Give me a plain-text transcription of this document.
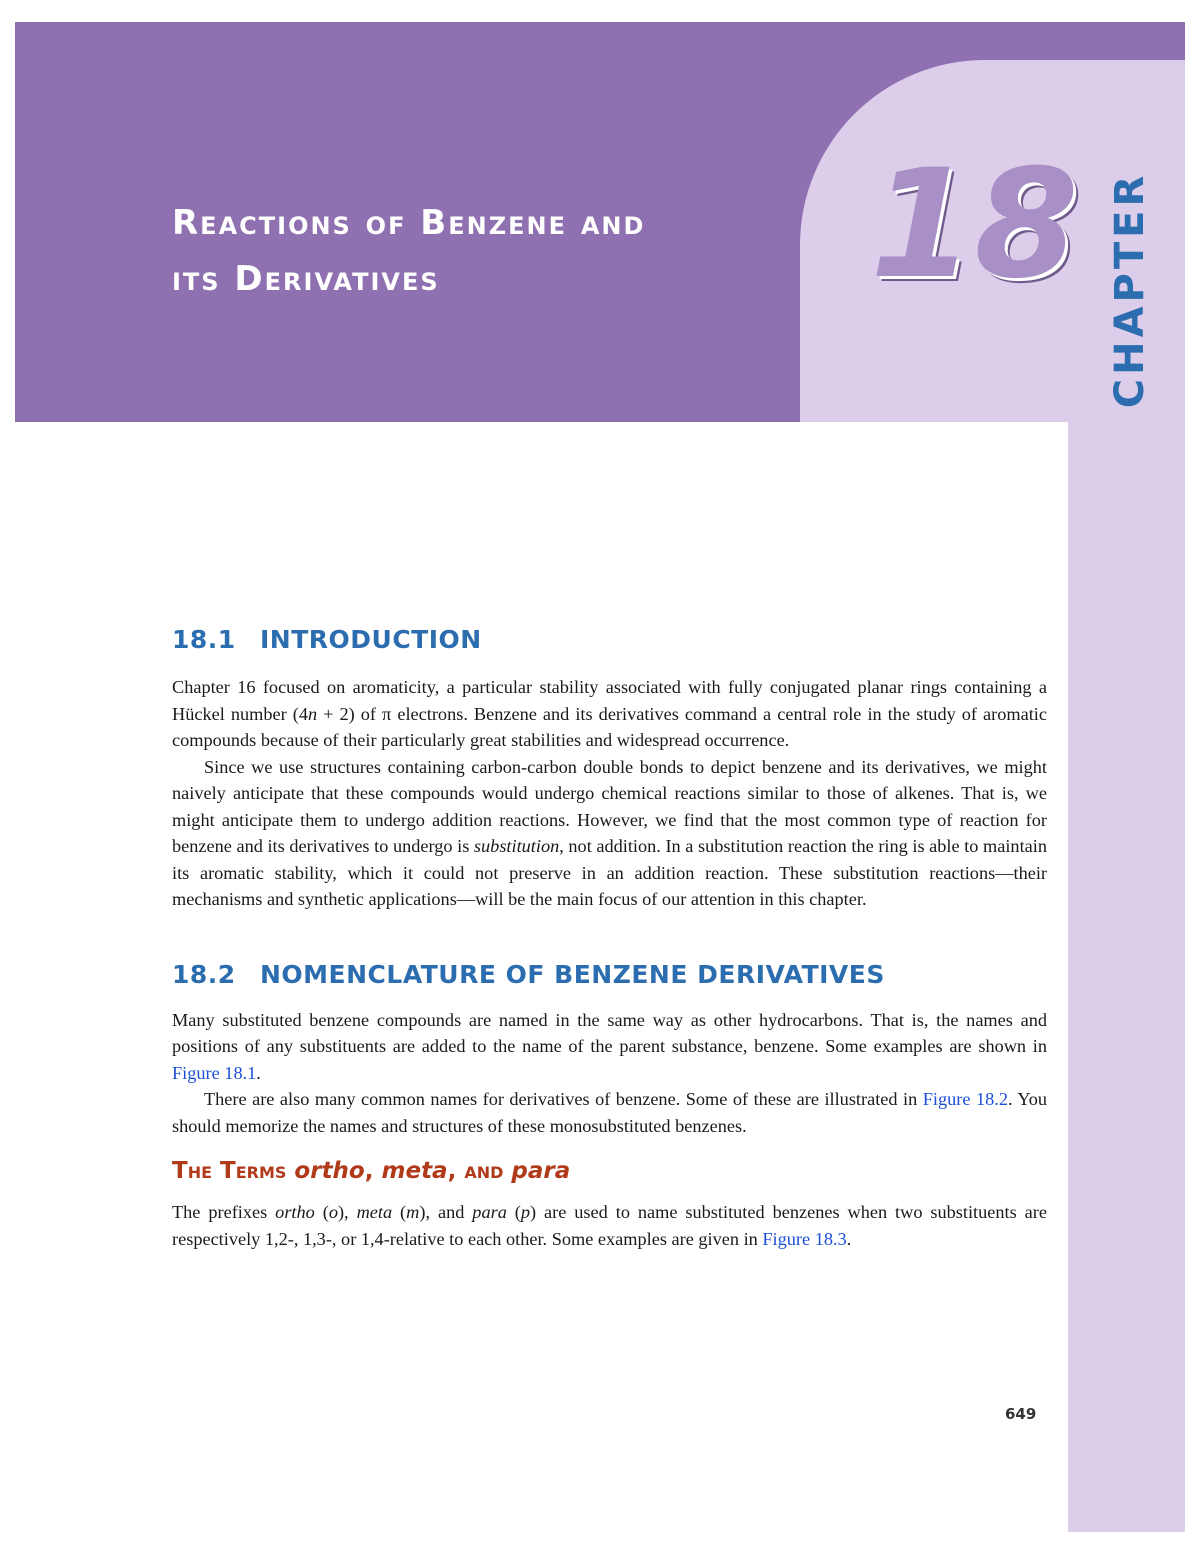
Reactions of Benzene and
its Derivatives	18 CHAPTER
18.1 INTRODUCTION

Chapter 16 focused on aromaticity, a particular stability associated with fully conjugated planar rings containing a Hückel number (4n + 2) of π electrons. Benzene and its derivatives command a central role in the study of aromatic compounds because of their particularly great stabilities and widespread occurrence.

Since we use structures containing carbon-carbon double bonds to depict benzene and its derivatives, we might naively anticipate that these compounds would undergo chemical reactions similar to those of alkenes. That is, we might anticipate them to undergo addition reactions. However, we find that the most common type of reaction for benzene and its derivatives to undergo is substitution, not addition. In a substitution reaction the ring is able to maintain its aromatic stability, which it could not preserve in an addition reaction. These substitution reactions—their mechanisms and synthetic applications—will be the main focus of our attention in this chapter.

18.2 NOMENCLATURE OF BENZENE DERIVATIVES

Many substituted benzene compounds are named in the same way as other hydrocarbons. That is, the names and positions of any substituents are added to the name of the parent substance, benzene. Some examples are shown in Figure 18.1.

There are also many common names for derivatives of benzene. Some of these are illustrated in Figure 18.2. You should memorize the names and structures of these monosubstituted benzenes.

The Terms ortho, meta, and para

The prefixes ortho (o), meta (m), and para (p) are used to name substituted benzenes when two substituents are respectively 1,2-, 1,3-, or 1,4-relative to each other. Some examples are given in Figure 18.3.

649
